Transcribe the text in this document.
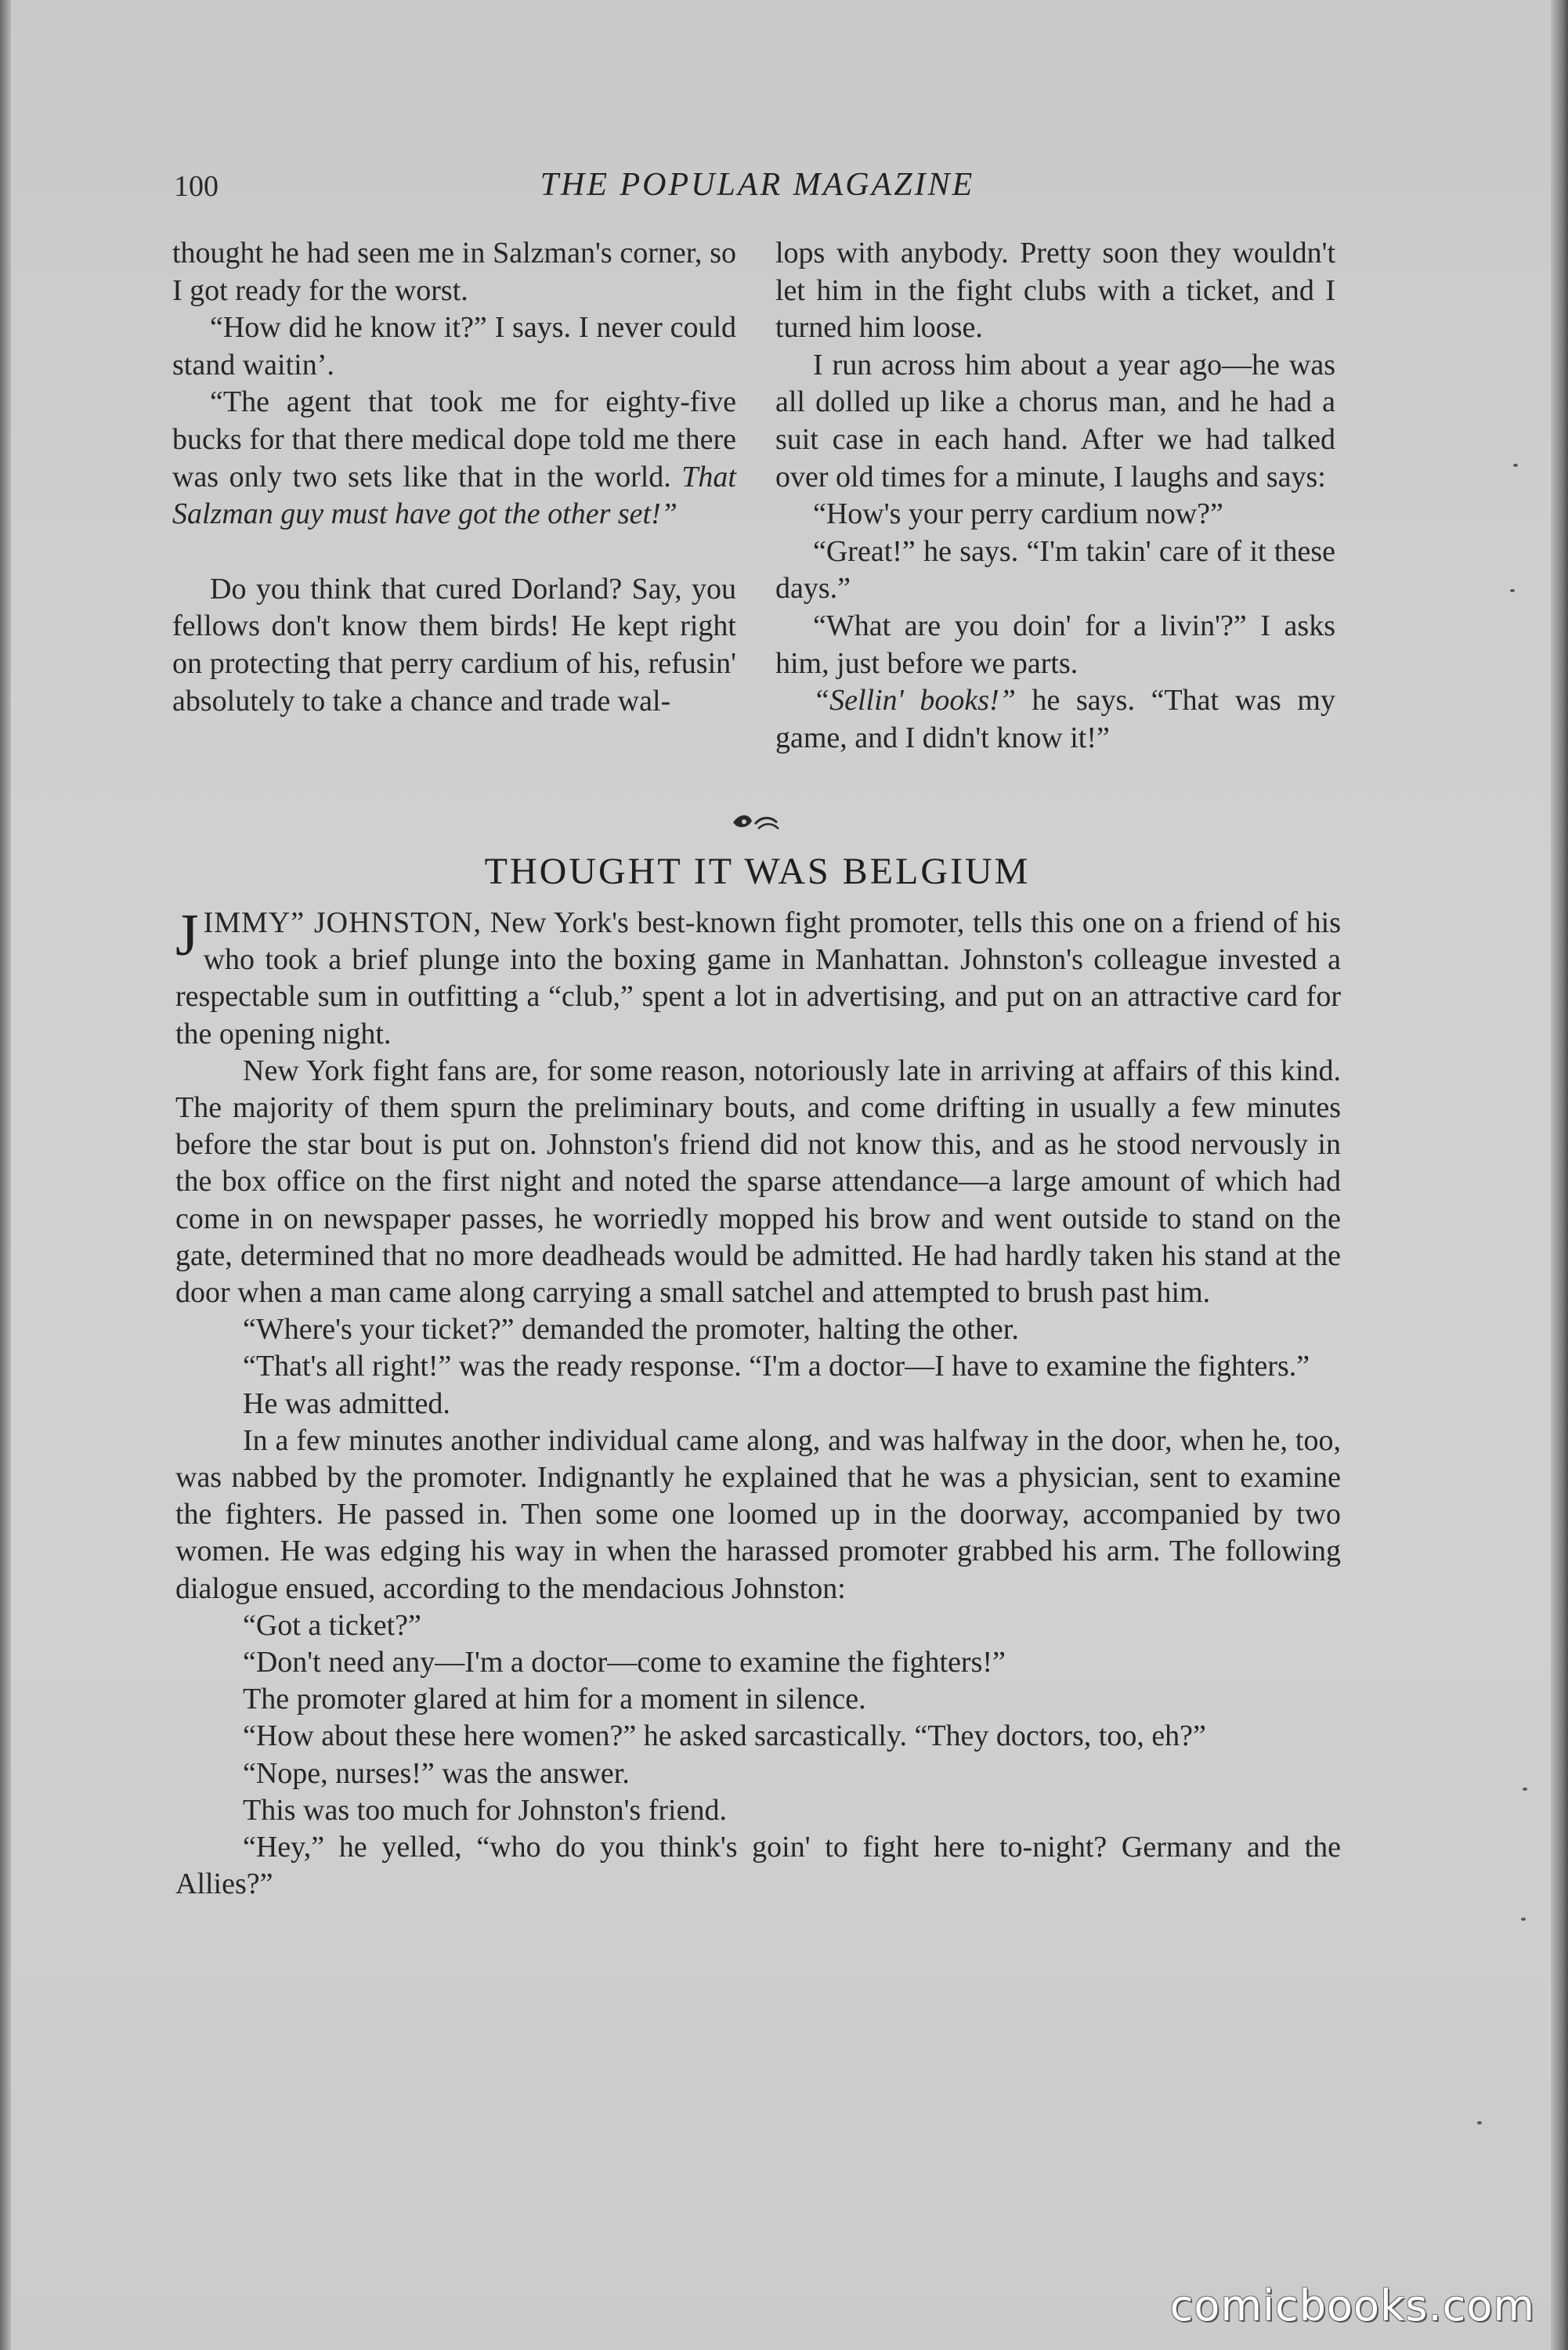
100	THE POPULAR MAGAZINE

thought he had seen me in Salzman's corner, so I got ready for the worst.

“How did he know it?” I says. I never could stand waitin’.

“The agent that took me for eighty-five bucks for that there medical dope told me there was only two sets like that in the world. That Salzman guy must have got the other set!”

Do you think that cured Dorland? Say, you fellows don't know them birds! He kept right on protecting that perry cardium of his, refusin' absolutely to take a chance and trade wal-

lops with anybody. Pretty soon they wouldn't let him in the fight clubs with a ticket, and I turned him loose.

I run across him about a year ago—he was all dolled up like a chorus man, and he had a suit case in each hand. After we had talked over old times for a minute, I laughs and says:

“How's your perry cardium now?”

“Great!” he says. “I'm takin' care of it these days.”

“What are you doin' for a livin'?” I asks him, just before we parts.

“Sellin' books!” he says. “That was my game, and I didn't know it!”

THOUGHT IT WAS BELGIUM

JIMMY” JOHNSTON, New York's best-known fight promoter, tells this one on a friend of his who took a brief plunge into the boxing game in Manhattan. Johnston's colleague invested a respectable sum in outfitting a “club,” spent a lot in advertising, and put on an attractive card for the opening night.

New York fight fans are, for some reason, notoriously late in arriving at affairs of this kind. The majority of them spurn the preliminary bouts, and come drifting in usually a few minutes before the star bout is put on. Johnston's friend did not know this, and as he stood nervously in the box office on the first night and noted the sparse attendance—a large amount of which had come in on newspaper passes, he worriedly mopped his brow and went outside to stand on the gate, determined that no more deadheads would be admitted. He had hardly taken his stand at the door when a man came along carrying a small satchel and attempted to brush past him.

“Where's your ticket?” demanded the promoter, halting the other.

“That's all right!” was the ready response. “I'm a doctor—I have to examine the fighters.”

He was admitted.

In a few minutes another individual came along, and was halfway in the door, when he, too, was nabbed by the promoter. Indignantly he explained that he was a physician, sent to examine the fighters. He passed in. Then some one loomed up in the doorway, accompanied by two women. He was edging his way in when the harassed promoter grabbed his arm. The following dialogue ensued, according to the mendacious Johnston:

“Got a ticket?”

“Don't need any—I'm a doctor—come to examine the fighters!”

The promoter glared at him for a moment in silence.

“How about these here women?” he asked sarcastically. “They doctors, too, eh?”

“Nope, nurses!” was the answer.

This was too much for Johnston's friend.

“Hey,” he yelled, “who do you think's goin' to fight here to-night? Germany and the Allies?”

comicbooks.com
